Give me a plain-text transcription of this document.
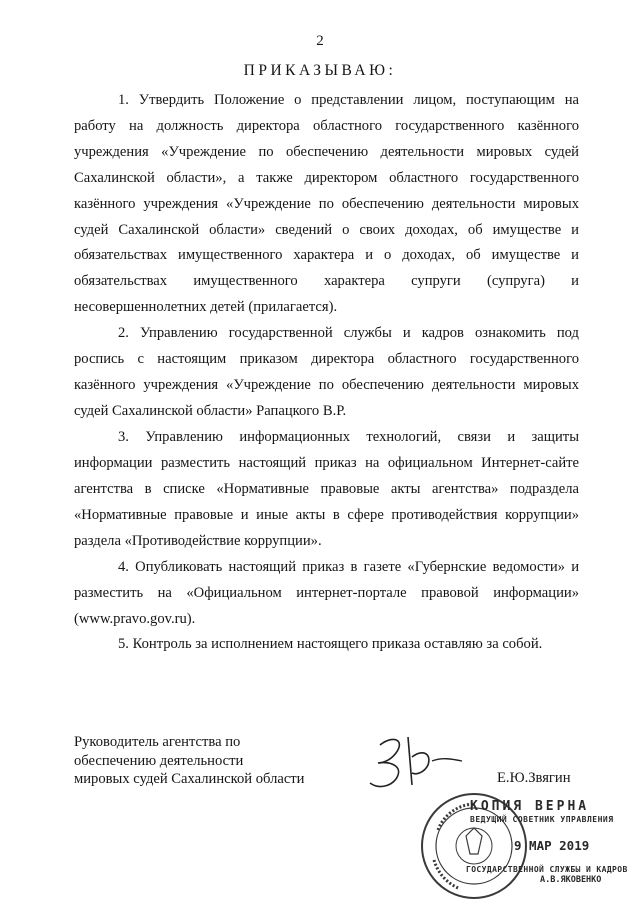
2
ПРИКАЗЫВАЮ:

1. Утвердить Положение о представлении лицом, поступающим на работу на должность директора областного государственного казённого учреждения «Учреждение по обеспечению деятельности мировых судей Сахалинской области», а также директором областного государственного казённого учреждения «Учреждение по обеспечению деятельности мировых судей Сахалинской области» сведений о своих доходах, об имуществе и обязательствах имущественного характера и о доходах, об имуществе и обязательствах имущественного характера супруги (супруга) и несовершеннолетних детей (прилагается).

2. Управлению государственной службы и кадров ознакомить под роспись с настоящим приказом директора областного государственного казённого учреждения «Учреждение по обеспечению деятельности мировых судей Сахалинской области» Рапацкого В.Р.

3. Управлению информационных технологий, связи и защиты информации разместить настоящий приказ на официальном Интернет-сайте агентства в списке «Нормативные правовые акты агентства» подраздела «Нормативные правовые и иные акты в сфере противодействия коррупции» раздела «Противодействие коррупции».

4. Опубликовать настоящий приказ в газете «Губернские ведомости» и разместить на «Официальном интернет-портале правовой информации» (www.pravo.gov.ru).

5. Контроль за исполнением настоящего приказа оставляю за собой.

Руководитель агентства по
обеспечению деятельности
мировых судей Сахалинской области	Е.Ю.Звягин
КОПИЯ ВЕРНА
ВЕДУЩИЙ СОВЕТНИК УПРАВЛЕНИЯ
9 МАР 2019
ГОСУДАРСТВЕННОЙ СЛУЖБЫ И КАДРОВ
А.В.ЯКОВЕНКО
